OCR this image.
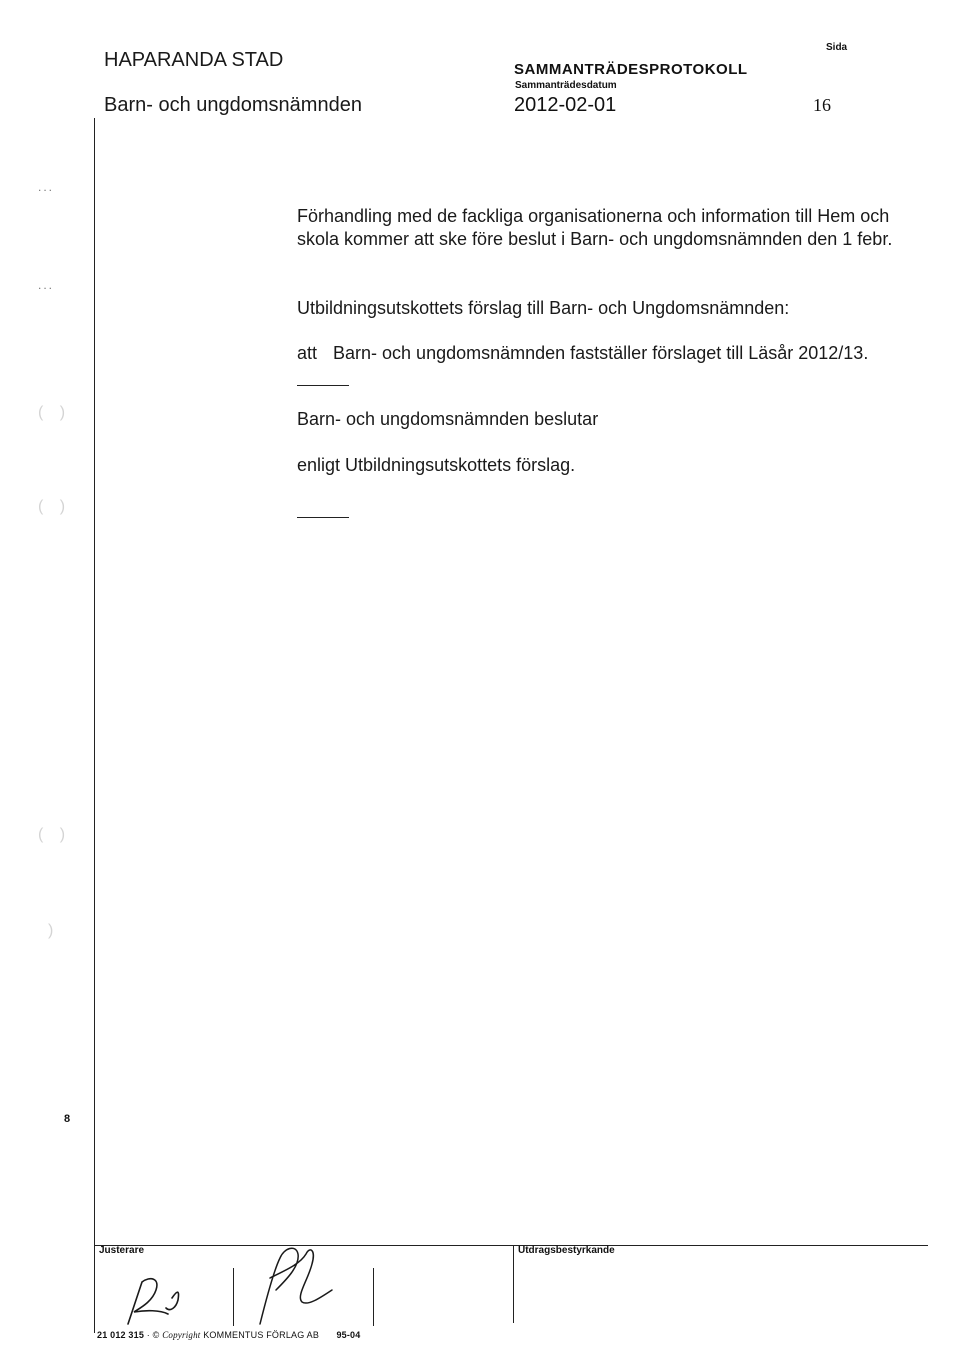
HAPARANDA STAD
Barn- och ungdomsnämnden
SAMMANTRÄDESPROTOKOLL
Sammanträdesdatum
2012-02-01
Sida
16
...
...
( )
( )
( )
)
8
Förhandling med de fackliga organisationerna och information till Hem och skola kommer att ske före beslut i Barn- och ungdomsnämnden den 1 febr.
Utbildningsutskottets förslag till Barn- och Ungdomsnämnden:
att Barn- och ungdomsnämnden fastställer förslaget till Läsår 2012/13.
Barn- och ungdomsnämnden beslutar
enligt Utbildningsutskottets förslag.
Justerare	Utdragsbestyrkande
21 012 315 · © Copyright KOMMENTUS FÖRLAG AB 95-04
